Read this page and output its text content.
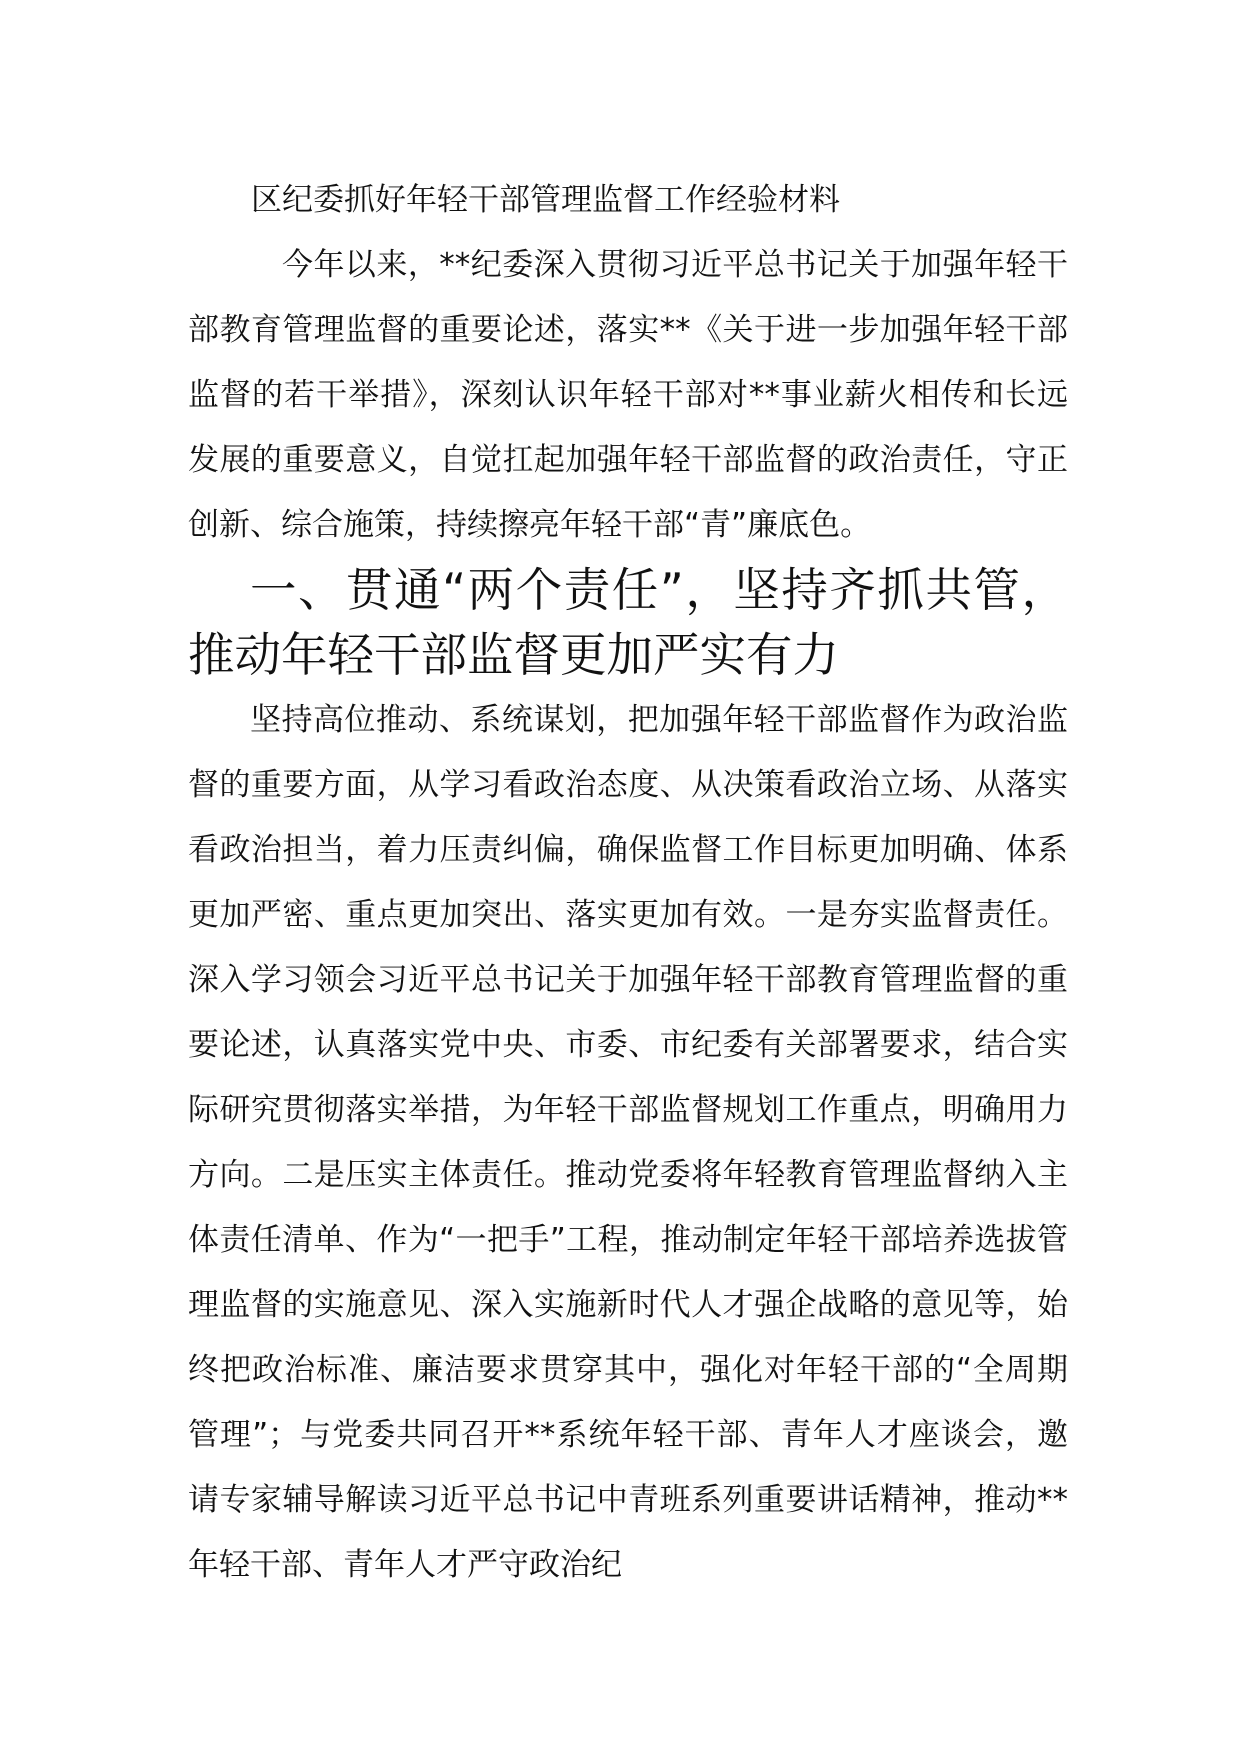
区纪委抓好年轻干部管理监督工作经验材料

今年以来，**纪委深入贯彻习近平总书记关于加强年轻干部教育管理监督的重要论述，落实**《关于进一步加强年轻干部监督的若干举措》，深刻认识年轻干部对**事业薪火相传和长远发展的重要意义，自觉扛起加强年轻干部监督的政治责任，守正创新、综合施策，持续擦亮年轻干部“青”廉底色。

一、贯通“两个责任”，坚持齐抓共管，推动年轻干部监督更加严实有力

坚持高位推动、系统谋划，把加强年轻干部监督作为政治监督的重要方面，从学习看政治态度、从决策看政治立场、从落实看政治担当，着力压责纠偏，确保监督工作目标更加明确、体系更加严密、重点更加突出、落实更加有效。一是夯实监督责任。深入学习领会习近平总书记关于加强年轻干部教育管理监督的重要论述，认真落实党中央、市委、市纪委有关部署要求，结合实际研究贯彻落实举措，为年轻干部监督规划工作重点，明确用力方向。二是压实主体责任。推动党委将年轻教育管理监督纳入主体责任清单、作为“一把手”工程，推动制定年轻干部培养选拔管理监督的实施意见、深入实施新时代人才强企战略的意见等，始终把政治标准、廉洁要求贯穿其中，强化对年轻干部的“全周期管理”；与党委共同召开**系统年轻干部、青年人才座谈会，邀请专家辅导解读习近平总书记中青班系列重要讲话精神，推动**年轻干部、青年人才严守政治纪
